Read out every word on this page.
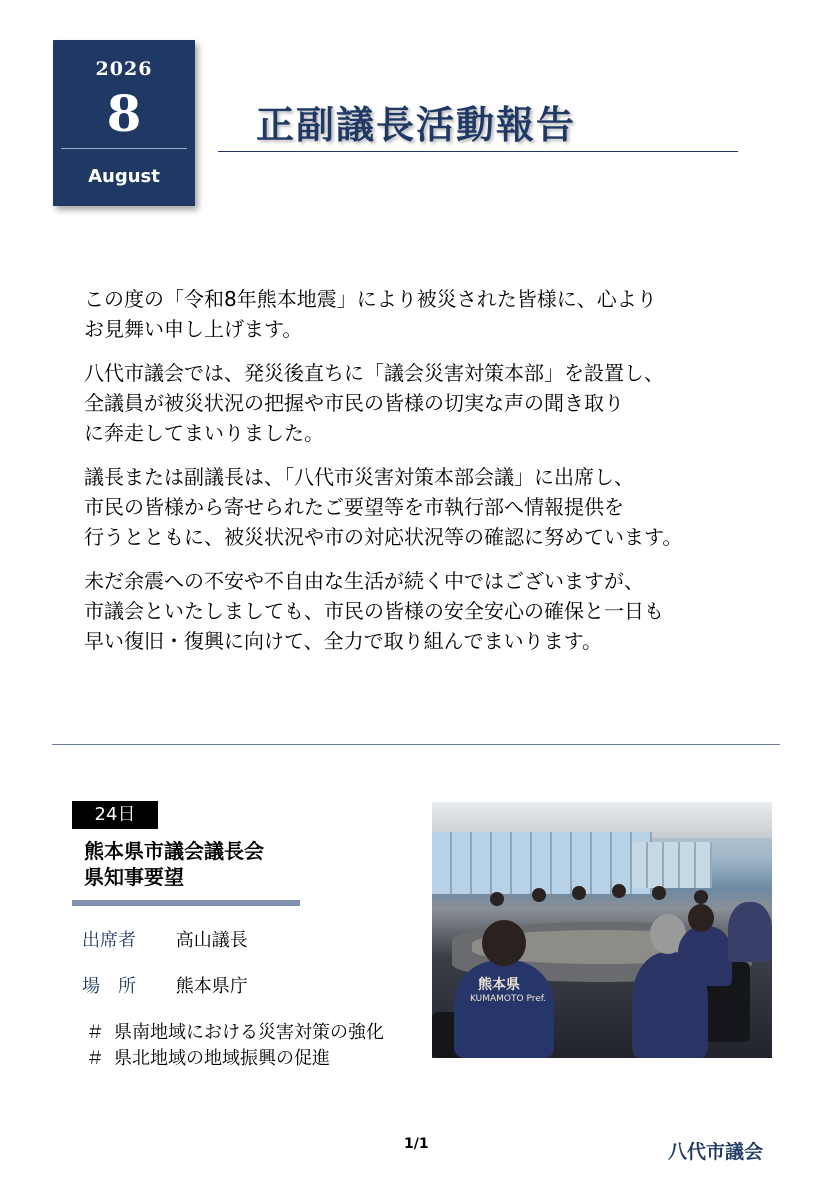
2026
8
August
正副議長活動報告

この度の「令和8年熊本地震」により被災された皆様に、心より
お見舞い申し上げます。

八代市議会では、発災後直ちに「議会災害対策本部」を設置し、
全議員が被災状況の把握や市民の皆様の切実な声の聞き取り
に奔走してまいりました。

議長または副議長は、「八代市災害対策本部会議」に出席し、
市民の皆様から寄せられたご要望等を市執行部へ情報提供を
行うとともに、被災状況や市の対応状況等の確認に努めています。

未だ余震への不安や不自由な生活が続く中ではございますが、
市議会といたしましても、市民の皆様の安全安心の確保と一日も
早い復旧・復興に向けて、全力で取り組んでまいります。

24日
熊本県市議会議長会
県知事要望
出席者 高山議長
場　所 熊本県庁
＃ 県南地域における災害対策の強化
＃ 県北地域の地域振興の促進
熊本県
KUMAMOTO Pref.
1/1	八代市議会
